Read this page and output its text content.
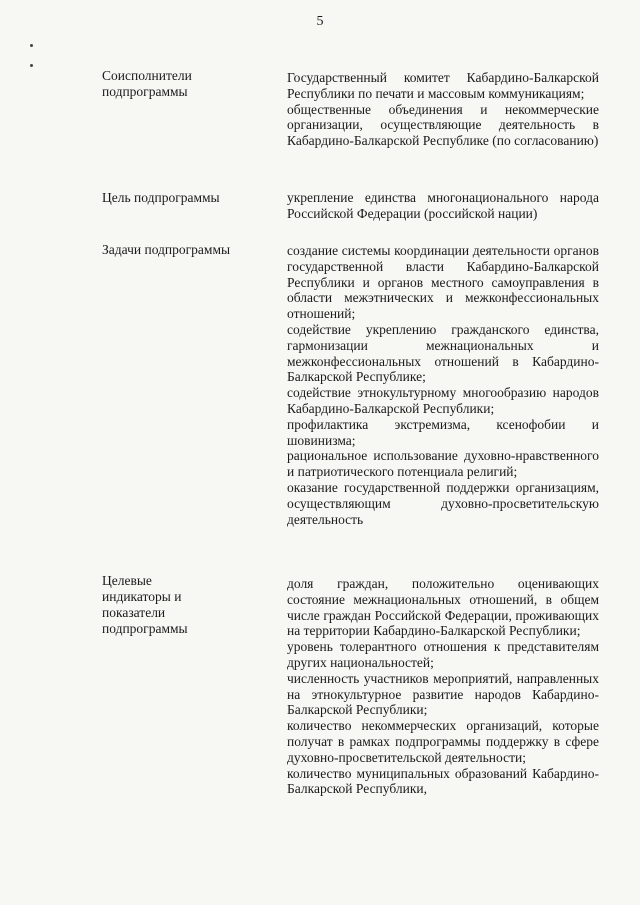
5
Соисполнители подпрограммы

Государственный комитет Кабардино-Балкарской Республики по печати и массовым коммуникациям;

общественные объединения и некоммерческие организации, осуществляющие деятельность в Кабардино-Балкарской Республике (по согласованию)

Цель подпрограммы	укрепление единства многонационального народа Российской Федерации (российской нации)

Задачи подпрограммы	создание системы координации деятельности органов государственной власти Кабардино-Балкарской Республики и органов местного самоуправления в области межэтнических и межконфессиональных отношений;

содействие укреплению гражданского единства, гармонизации межнациональных и межконфессиональных отношений в Кабардино-Балкарской Республике;

содействие этнокультурному многообразию народов Кабардино-Балкарской Республики;

профилактика экстремизма, ксенофобии и шовинизма;

рациональное использование духовно-нравственного и патриотического потенциала религий;

оказание государственной поддержки организациям, осуществляющим духовно-просветительскую деятельность

Целевые индикаторы и показатели подпрограммы

доля граждан, положительно оценивающих состояние межнациональных отношений, в общем числе граждан Российской Федерации, проживающих на территории Кабардино-Балкарской Республики;

уровень толерантного отношения к представителям других национальностей;

численность участников мероприятий, направленных на этнокультурное развитие народов Кабардино-Балкарской Республики;

количество некоммерческих организаций, которые получат в рамках подпрограммы поддержку в сфере духовно-просветительской деятельности;

количество муниципальных образований Кабардино-Балкарской Республики,
